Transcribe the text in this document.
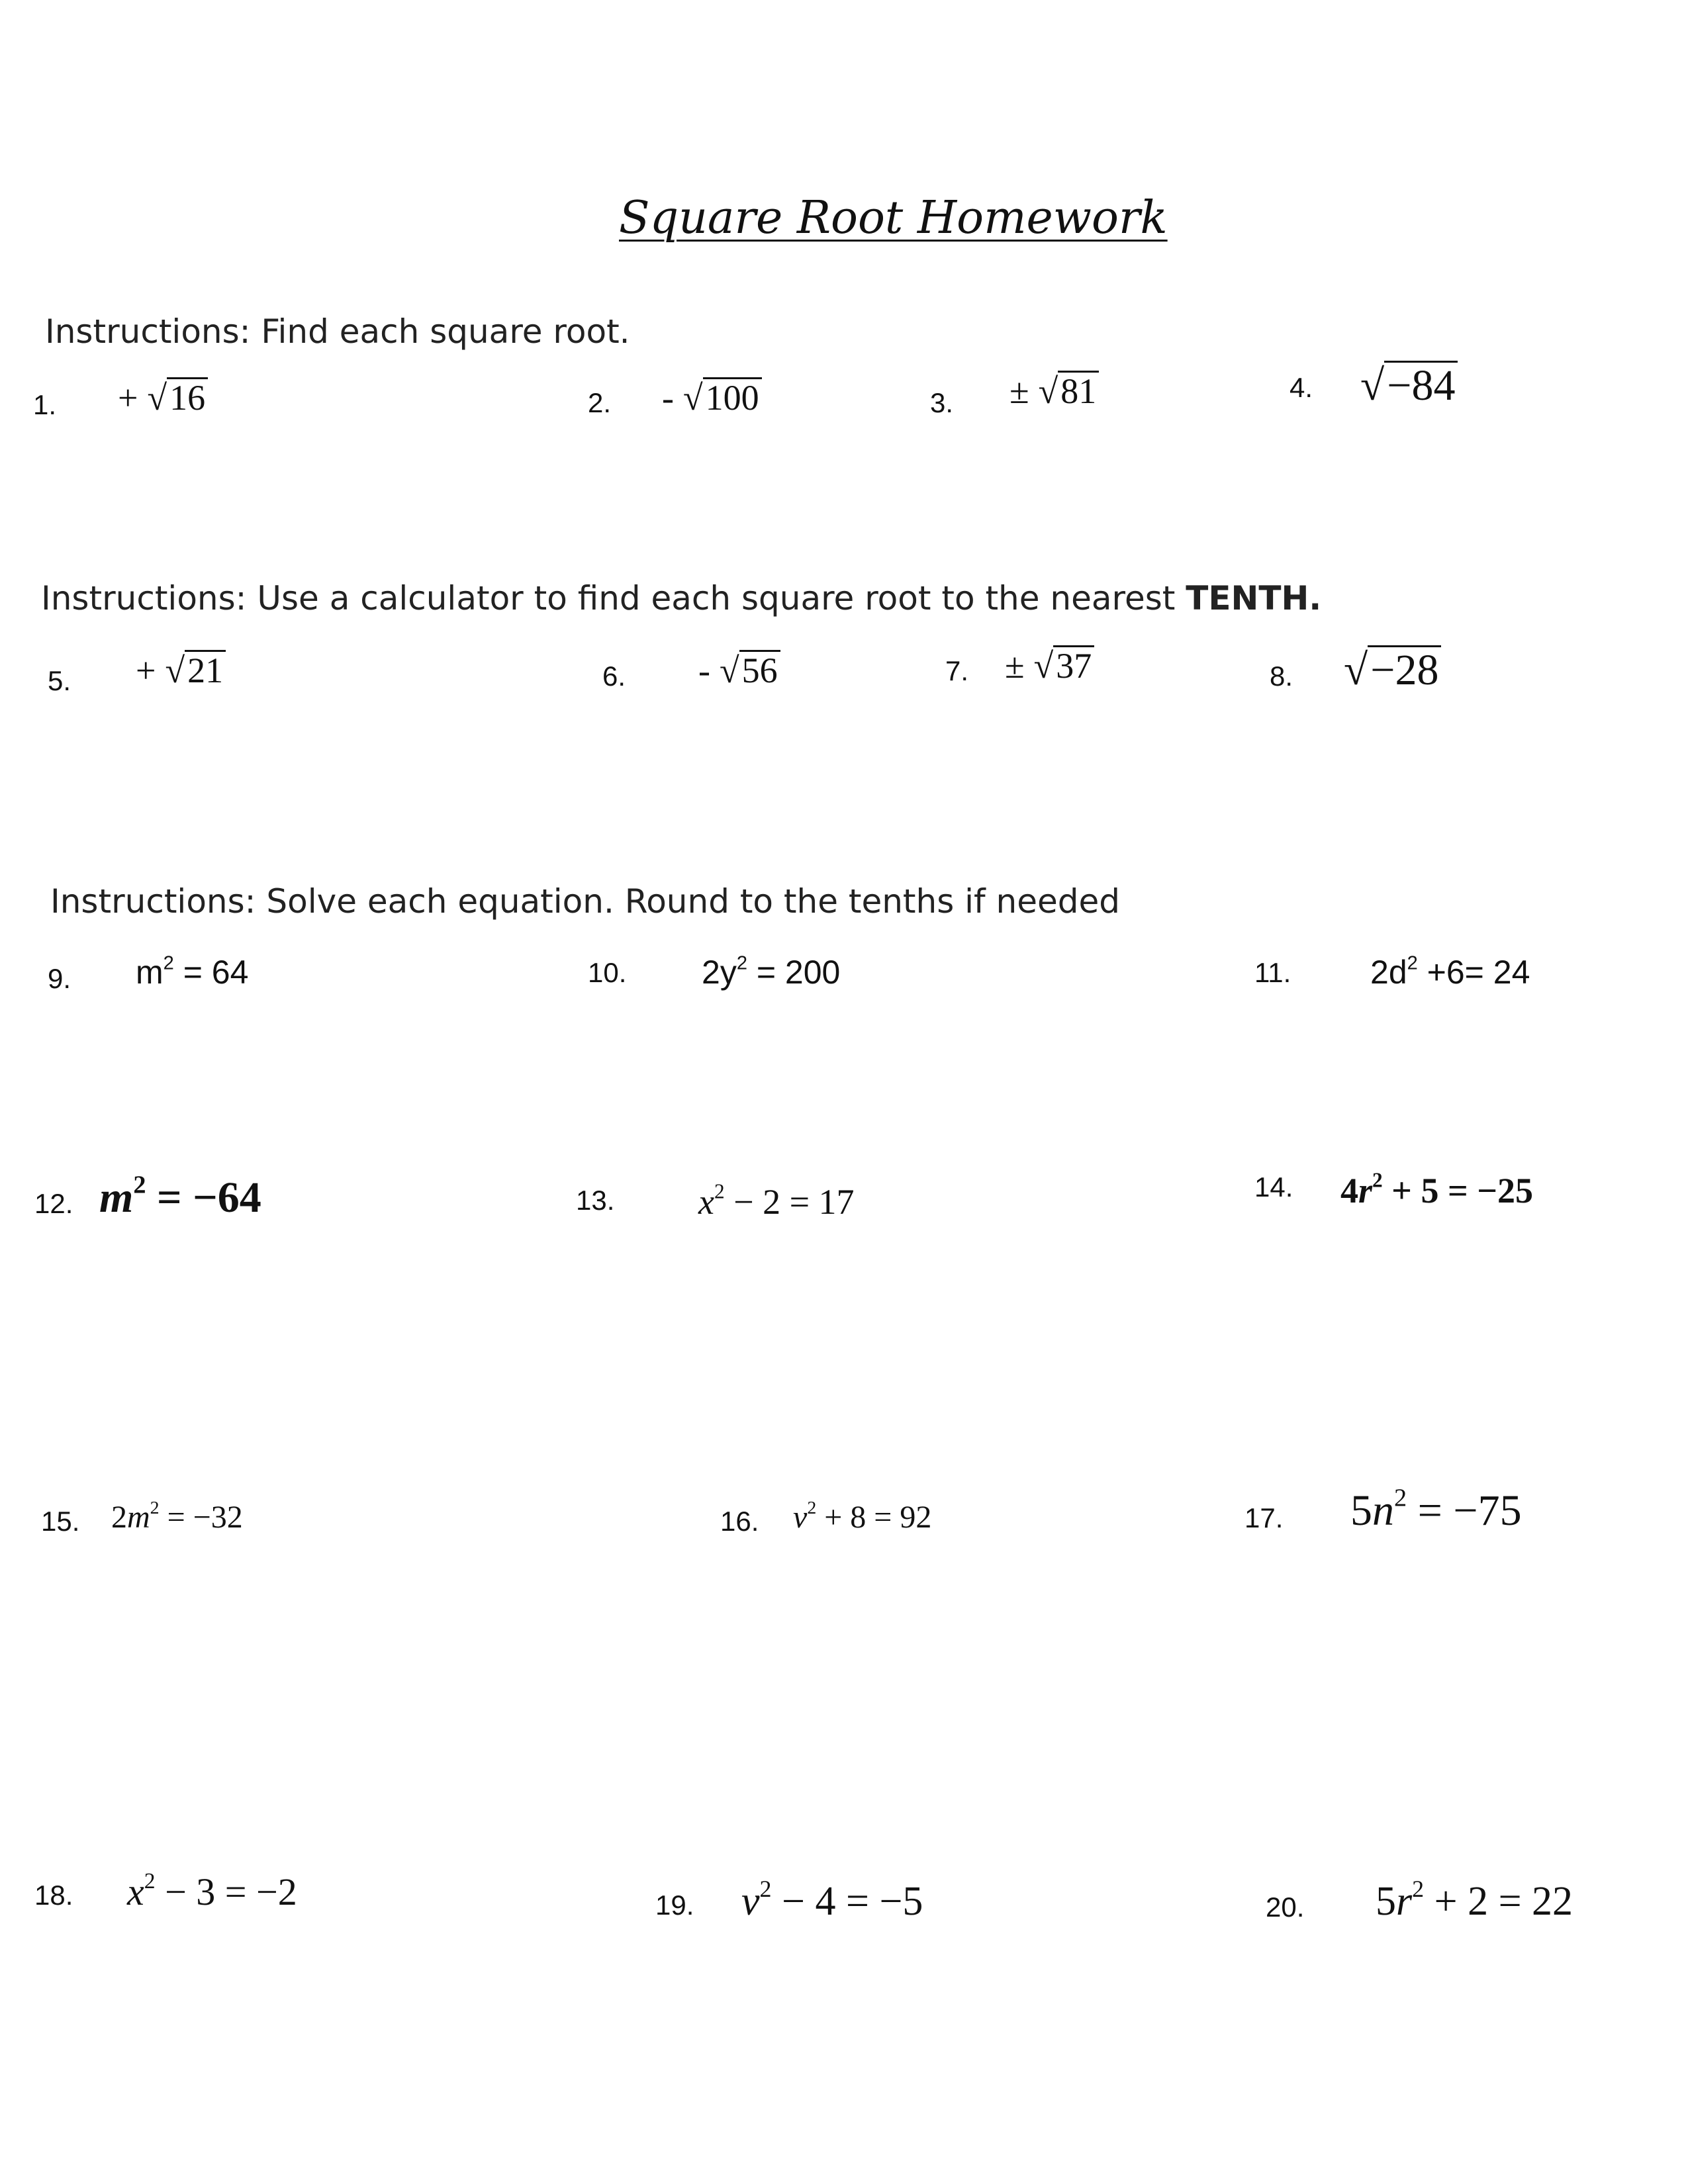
Square Root Homework
Instructions: Find each square root.
1. + √16	2. - √100	3. ± √81	4. √−84
Instructions: Use a calculator to find each square root to the nearest TENTH.
5. + √21	6. - √56	7. ± √37	8. √−28
Instructions: Solve each equation. Round to the tenths if needed
9. $m^2 = 64$	10. $2y^2 = 200$	11. $2d^2 +6= 24$
12. $m^2 = -64$	13. $x^2 - 2 = 17$	14. $4r^2 + 5 = -25$
15. $2m^2 = -32$	16. $v^2 + 8 = 92$	17. $5n^2 = -75$
18. $x^2 - 3 = -2$	19. $v^2 - 4 = -5$	20. $5r^2 + 2 = 22$
